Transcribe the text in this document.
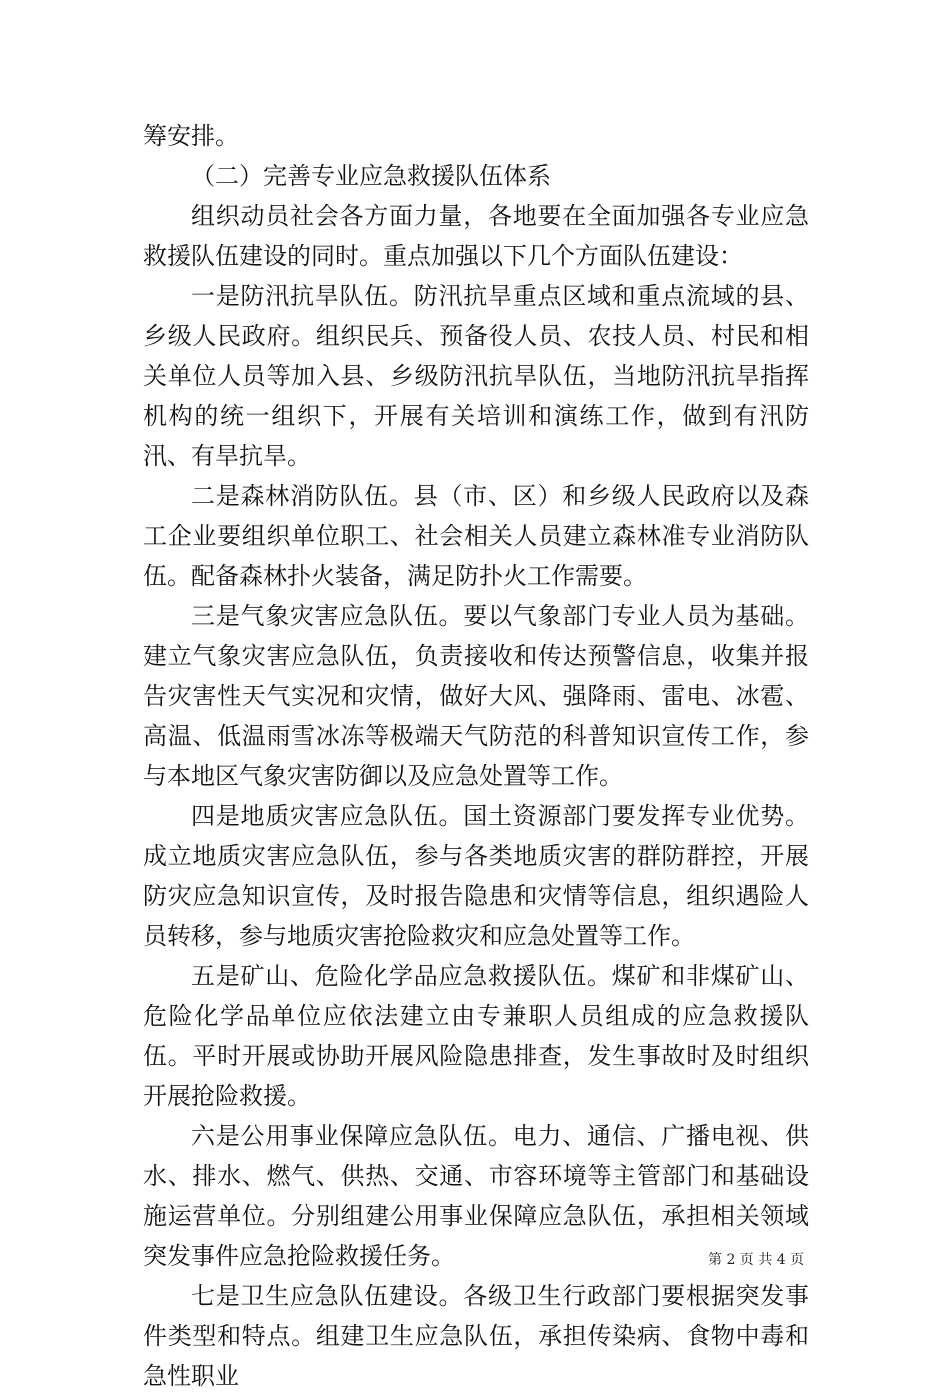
筹安排。

（二）完善专业应急救援队伍体系

组织动员社会各方面力量，各地要在全面加强各专业应急救援队伍建设的同时。重点加强以下几个方面队伍建设：

一是防汛抗旱队伍。防汛抗旱重点区域和重点流域的县、乡级人民政府。组织民兵、预备役人员、农技人员、村民和相关单位人员等加入县、乡级防汛抗旱队伍，当地防汛抗旱指挥机构的统一组织下，开展有关培训和演练工作，做到有汛防汛、有旱抗旱。

二是森林消防队伍。县（市、区）和乡级人民政府以及森工企业要组织单位职工、社会相关人员建立森林准专业消防队伍。配备森林扑火装备，满足防扑火工作需要。

三是气象灾害应急队伍。要以气象部门专业人员为基础。建立气象灾害应急队伍，负责接收和传达预警信息，收集并报告灾害性天气实况和灾情，做好大风、强降雨、雷电、冰雹、高温、低温雨雪冰冻等极端天气防范的科普知识宣传工作，参与本地区气象灾害防御以及应急处置等工作。

四是地质灾害应急队伍。国土资源部门要发挥专业优势。成立地质灾害应急队伍，参与各类地质灾害的群防群控，开展防灾应急知识宣传，及时报告隐患和灾情等信息，组织遇险人员转移，参与地质灾害抢险救灾和应急处置等工作。

五是矿山、危险化学品应急救援队伍。煤矿和非煤矿山、危险化学品单位应依法建立由专兼职人员组成的应急救援队伍。平时开展或协助开展风险隐患排查，发生事故时及时组织开展抢险救援。

六是公用事业保障应急队伍。电力、通信、广播电视、供水、排水、燃气、供热、交通、市容环境等主管部门和基础设施运营单位。分别组建公用事业保障应急队伍，承担相关领域突发事件应急抢险救援任务。

七是卫生应急队伍建设。各级卫生行政部门要根据突发事件类型和特点。组建卫生应急队伍，承担传染病、食物中毒和急性职业

第 2 页 共 4 页
